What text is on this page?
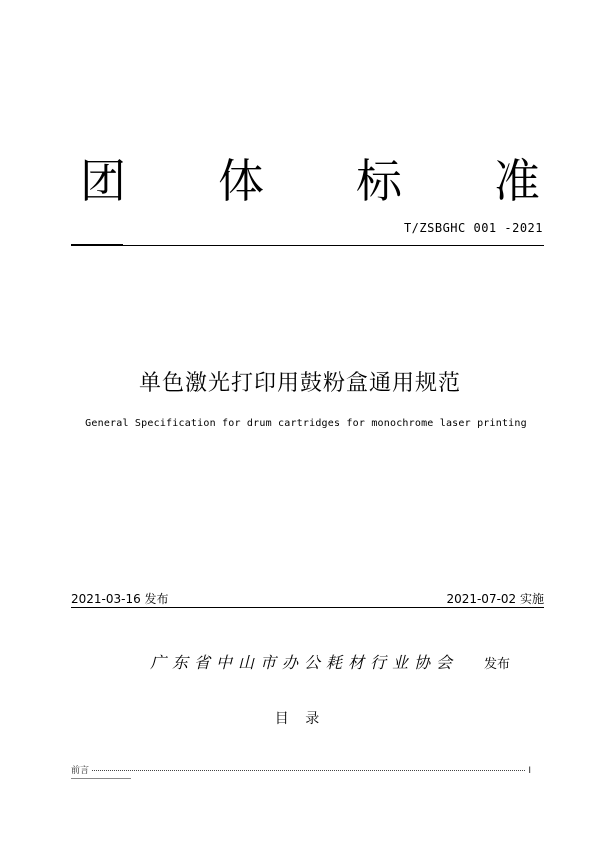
团 体 标 准
T/ZSBGHC 001 -2021
单色激光打印用鼓粉盒通用规范
General Specification for drum cartridges for monochrome laser printing
2021-03-16 发布	2021-07-02 实施
广东省中山市办公耗材行业协会 发布
目 录
前言	I
